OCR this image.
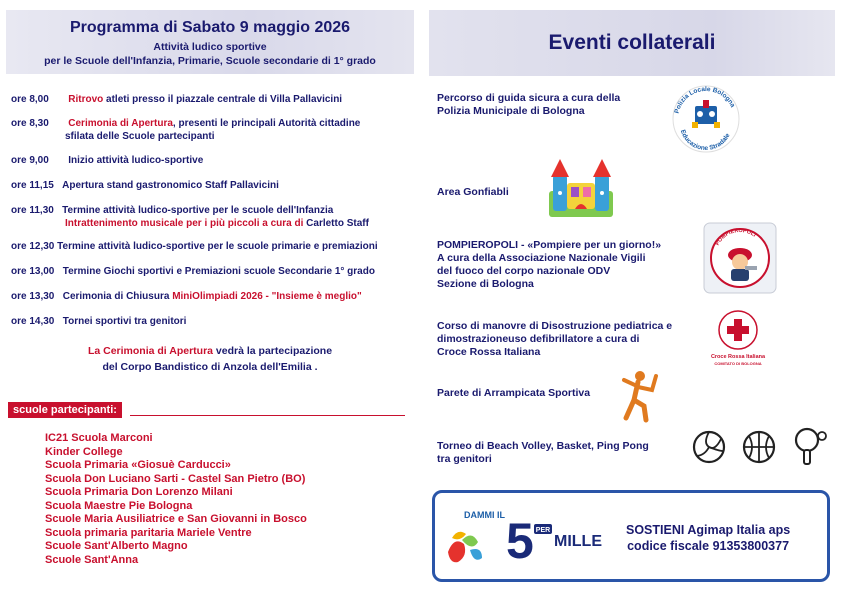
Programma di Sabato 9 maggio 2026
Attività ludico sportive
per le Scuole dell'Infanzia, Primarie, Scuole secondarie di 1° grado
Eventi collaterali
ore 8,00 Ritrovo atleti presso il piazzale centrale di Villa Pallavicini
ore 8,30 Cerimonia di Apertura, presenti le principali Autorità cittadine
sfilata delle Scuole partecipanti
ore 9,00 Inizio attività ludico-sportive
ore 11,15 Apertura stand gastronomico Staff Pallavicini
ore 11,30 Termine attività ludico-sportive per le scuole dell'Infanzia
Intrattenimento musicale per i più piccoli a cura di Carletto Staff
ore 12,30 Termine attività ludico-sportive per le scuole primarie e premiazioni
ore 13,00 Termine Giochi sportivi e Premiazioni scuole Secondarie 1° grado
ore 13,30 Cerimonia di Chiusura MiniOlimpiadi 2026 - "Insieme è meglio"
ore 14,30 Tornei sportivi tra genitori
La Cerimonia di Apertura vedrà la partecipazione
del Corpo Bandistico di Anzola dell'Emilia .
scuole partecipanti:
IC21 Scuola Marconi
Kinder College
Scuola Primaria «Giosuè Carducci»
Scuola Don Luciano Sarti - Castel San Pietro (BO)
Scuola Primaria Don Lorenzo Milani
Scuola Maestre Pie Bologna
Scuole Maria Ausiliatrice e San Giovanni in Bosco
Scuola primaria paritaria Mariele Ventre
Scuole Sant'Alberto Magno
Scuole Sant'Anna
Percorso di guida sicura a cura della
Polizia Municipale di Bologna	Polizia Locale Bologna
Educazione Stradale
Area Gonfiabli
POMPIEROPOLI - «Pompiere per un giorno!»
A cura della Associazione Nazionale Vigili
del fuoco del corpo nazionale ODV
Sezione di Bologna
POMPIEROPOLI
Corso di manovre di Disostruzione pediatrica e
dimostrazioneuso defibrillatore a cura di
Croce Rossa Italiana	Croce Rossa Italiana
COMITATO DI BOLOGNA
Parete di Arrampicata Sportiva
Torneo di Beach Volley, Basket, Ping Pong
tra genitori
DAMMI IL 5 PER
MILLE
SOSTIENI Agimap Italia aps
codice fiscale 91353800377
